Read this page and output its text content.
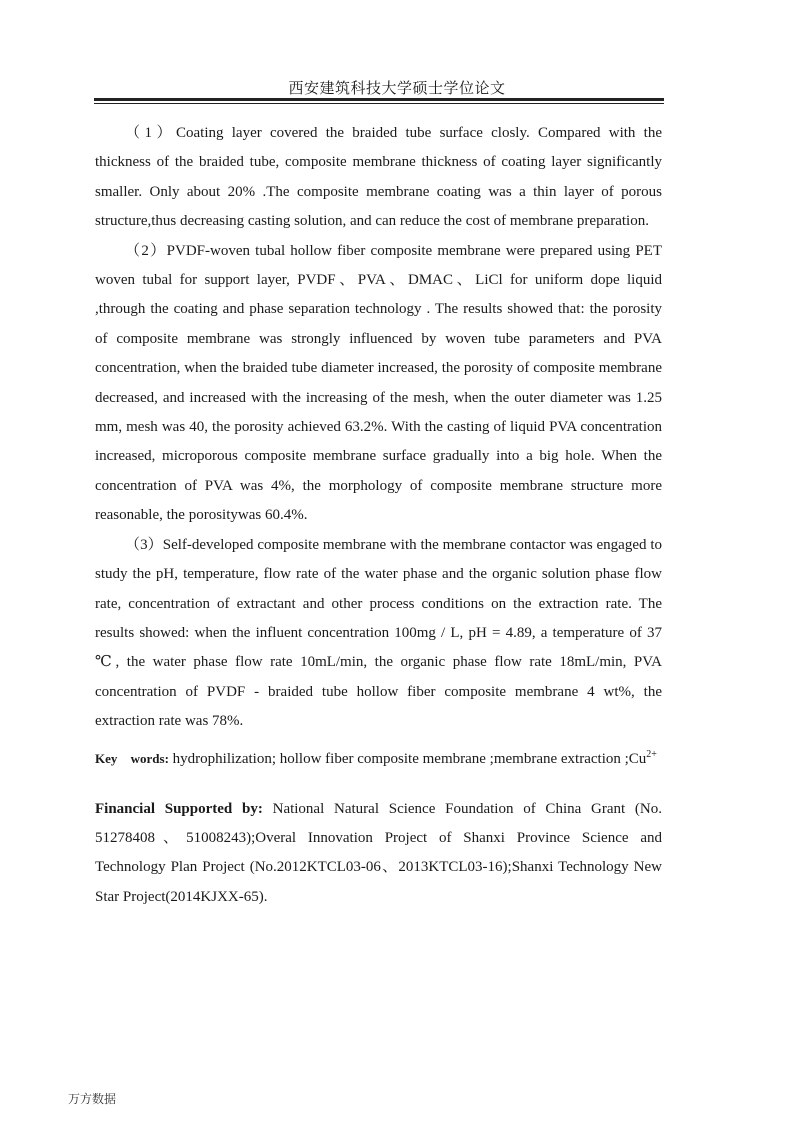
西安建筑科技大学硕士学位论文

（1）Coating layer covered the braided tube surface closly. Compared with the thickness of the braided tube, composite membrane thickness of coating layer significantly smaller. Only about 20% .The composite membrane coating was a thin layer of porous structure,thus decreasing casting solution, and can reduce the cost of membrane preparation.

（2）PVDF-woven tubal hollow fiber composite membrane were prepared using PET woven tubal for support layer, PVDF、PVA、DMAC、LiCl for uniform dope liquid ,through the coating and phase separation technology . The results showed that: the porosity of composite membrane was strongly influenced by woven tube parameters and PVA concentration, when the braided tube diameter increased, the porosity of composite membrane decreased, and increased with the increasing of the mesh, when the outer diameter was 1.25 mm, mesh was 40, the porosity achieved 63.2%. With the casting of liquid PVA concentration increased, microporous composite membrane surface gradually into a big hole. When the concentration of PVA was 4%, the morphology of composite membrane structure more reasonable, the porositywas 60.4%.

（3）Self-developed composite membrane with the membrane contactor was engaged to study the pH, temperature, flow rate of the water phase and the organic solution phase flow rate, concentration of extractant and other process conditions on the extraction rate. The results showed: when the influent concentration 100mg / L, pH = 4.89, a temperature of 37 ℃, the water phase flow rate 10mL/min, the organic phase flow rate 18mL/min, PVA concentration of PVDF - braided tube hollow fiber composite membrane 4 wt%, the extraction rate was 78%.

Key words: hydrophilization; hollow fiber composite membrane ;membrane extraction $;Cu^{2+}$

Financial Supported by: National Natural Science Foundation of China Grant (No. 51278408、51008243);Overal Innovation Project of Shanxi Province Science and Technology Plan Project (No.2012KTCL03-06、2013KTCL03-16);Shanxi Technology New Star Project(2014KJXX-65).

万方数据
